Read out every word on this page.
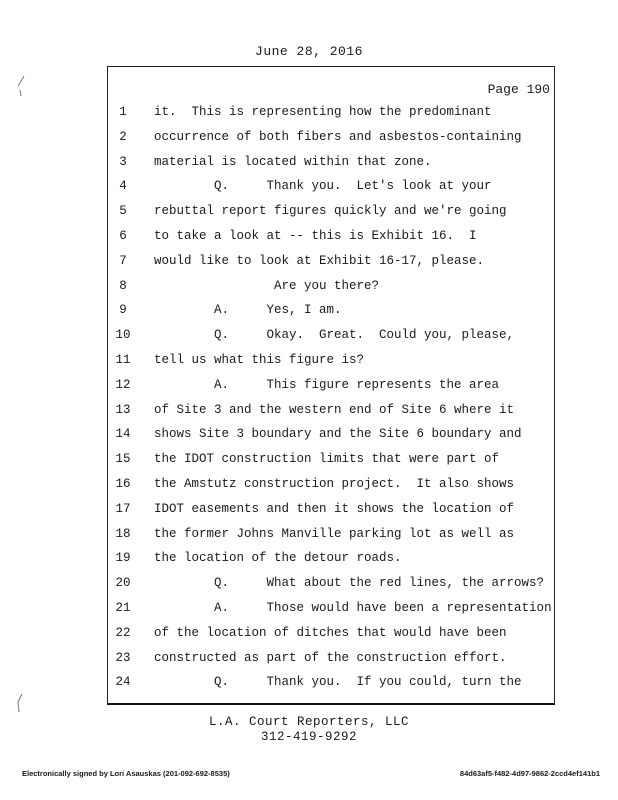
June 28, 2016
Page 190
1	it.  This is representing how the predominant
2	occurrence of both fibers and asbestos-containing
3	material is located within that zone.
4	Q.     Thank you.  Let's look at your
5	rebuttal report figures quickly and we're going
6	to take a look at -- this is Exhibit 16.  I
7	would like to look at Exhibit 16-17, please.
8	Are you there?
9	A.     Yes, I am.
10	Q.     Okay.  Great.  Could you, please,
11	tell us what this figure is?
12	A.     This figure represents the area
13	of Site 3 and the western end of Site 6 where it
14	shows Site 3 boundary and the Site 6 boundary and
15	the IDOT construction limits that were part of
16	the Amstutz construction project.  It also shows
17	IDOT easements and then it shows the location of
18	the former Johns Manville parking lot as well as
19	the location of the detour roads.
20	Q.     What about the red lines, the arrows?
21	A.     Those would have been a representation
22	of the location of ditches that would have been
23	constructed as part of the construction effort.
24	Q.     Thank you.  If you could, turn the
L.A. Court Reporters, LLC
312-419-9292
Electronically signed by Lori Asauskas (201-092-692-8535)	84d63af5-f482-4d97-9862-2ccd4ef141b1
